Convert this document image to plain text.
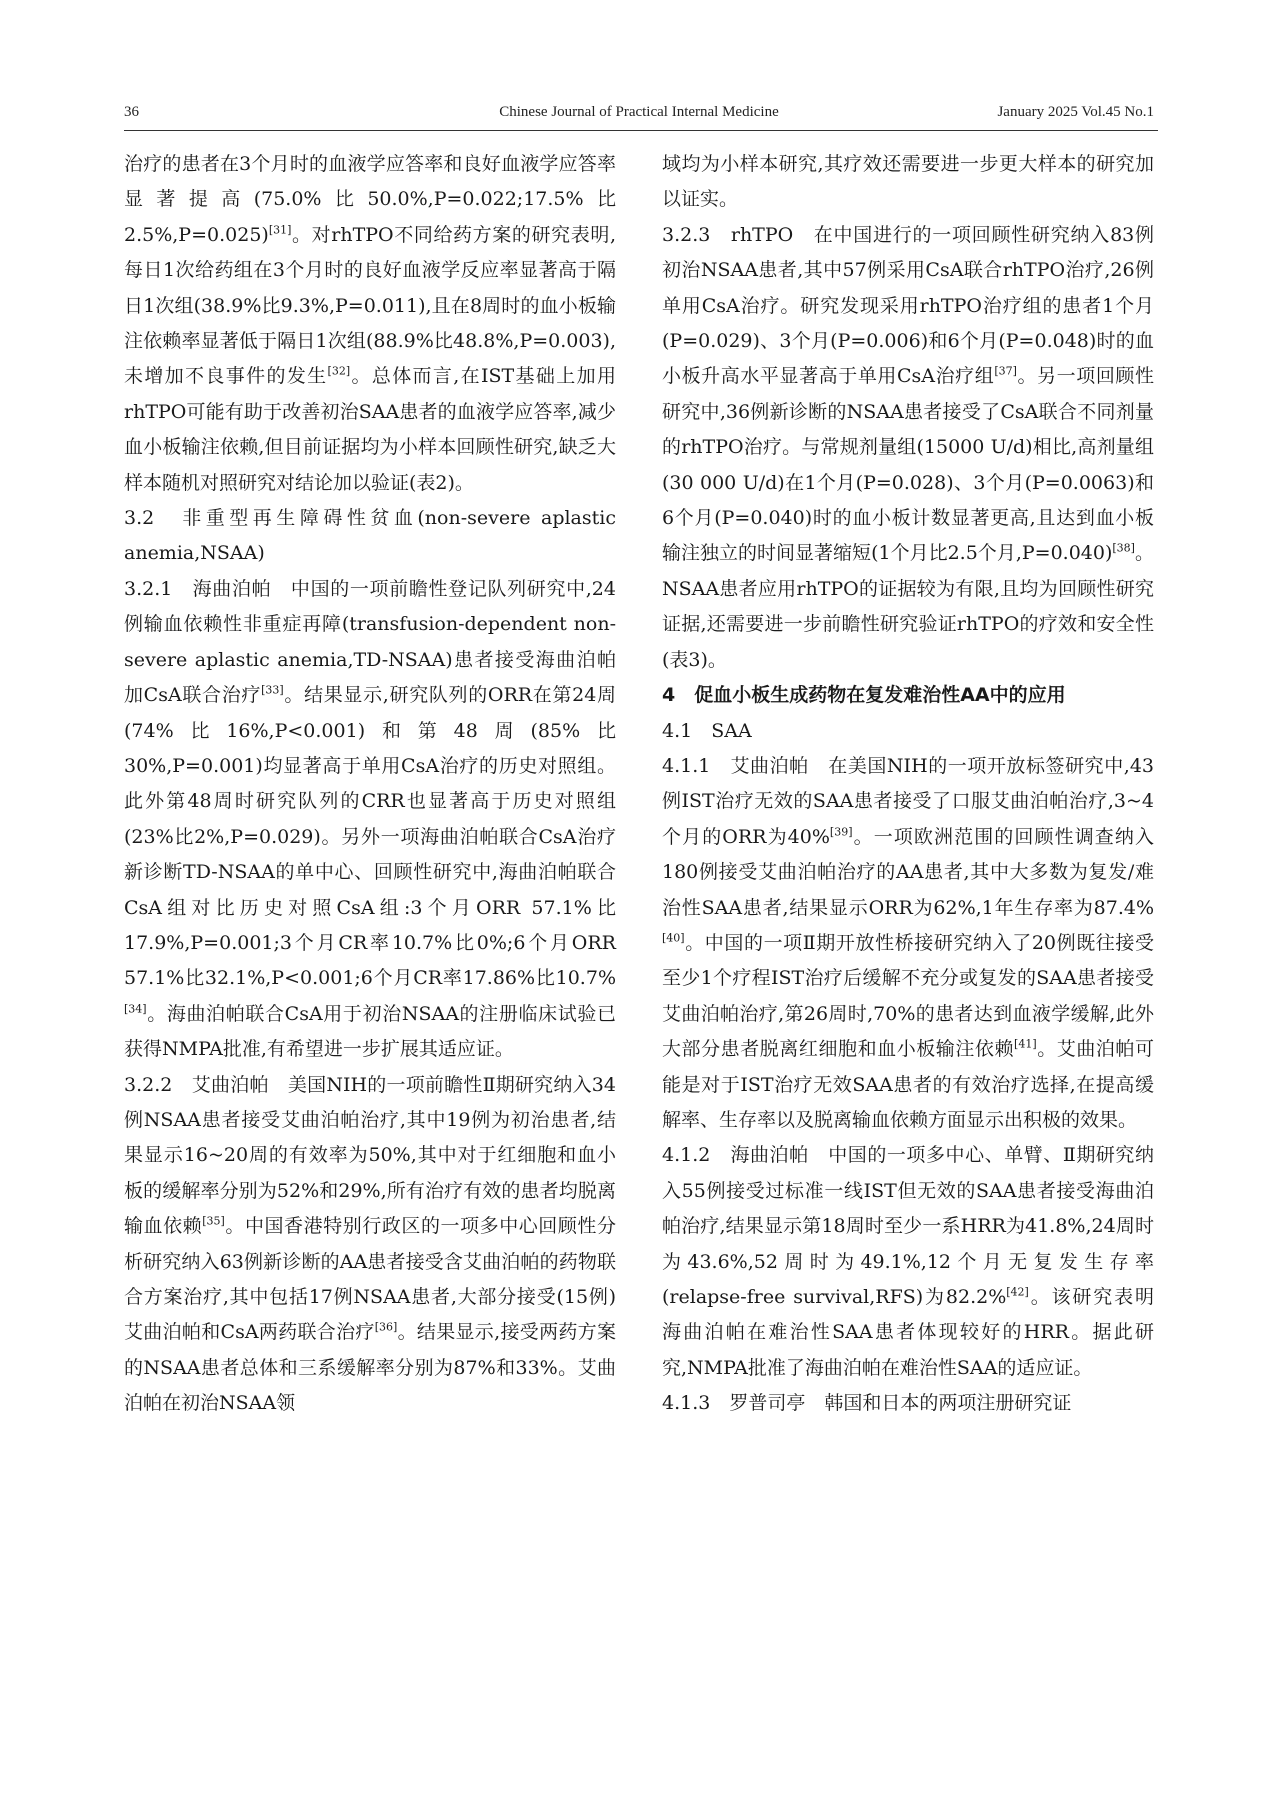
36	Chinese Journal of Practical Internal Medicine	January 2025 Vol.45 No.1

治疗的患者在3个月时的血液学应答率和良好血液学应答率显著提高(75.0%比50.0%,P=0.022;17.5%比2.5%,P=0.025)[31]。对rhTPO不同给药方案的研究表明,每日1次给药组在3个月时的良好血液学反应率显著高于隔日1次组(38.9%比9.3%,P=0.011),且在8周时的血小板输注依赖率显著低于隔日1次组(88.9%比48.8%,P=0.003),未增加不良事件的发生[32]。总体而言,在IST基础上加用rhTPO可能有助于改善初治SAA患者的血液学应答率,减少血小板输注依赖,但目前证据均为小样本回顾性研究,缺乏大样本随机对照研究对结论加以验证(表2)。

3.2　非重型再生障碍性贫血(non-severe aplastic anemia,NSAA)

3.2.1　海曲泊帕　中国的一项前瞻性登记队列研究中,24例输血依赖性非重症再障(transfusion-dependent non-severe aplastic anemia,TD-NSAA)患者接受海曲泊帕加CsA联合治疗[33]。结果显示,研究队列的ORR在第24周(74%比16%,P<0.001)和第48周(85%比30%,P=0.001)均显著高于单用CsA治疗的历史对照组。此外第48周时研究队列的CRR也显著高于历史对照组(23%比2%,P=0.029)。另外一项海曲泊帕联合CsA治疗新诊断TD-NSAA的单中心、回顾性研究中,海曲泊帕联合CsA组对比历史对照CsA组:3个月ORR 57.1%比17.9%,P=0.001;3个月CR率10.7%比0%;6个月ORR 57.1%比32.1%,P<0.001;6个月CR率17.86%比10.7%[34]。海曲泊帕联合CsA用于初治NSAA的注册临床试验已获得NMPA批准,有希望进一步扩展其适应证。

3.2.2　艾曲泊帕　美国NIH的一项前瞻性Ⅱ期研究纳入34例NSAA患者接受艾曲泊帕治疗,其中19例为初治患者,结果显示16~20周的有效率为50%,其中对于红细胞和血小板的缓解率分别为52%和29%,所有治疗有效的患者均脱离输血依赖[35]。中国香港特别行政区的一项多中心回顾性分析研究纳入63例新诊断的AA患者接受含艾曲泊帕的药物联合方案治疗,其中包括17例NSAA患者,大部分接受(15例)艾曲泊帕和CsA两药联合治疗[36]。结果显示,接受两药方案的NSAA患者总体和三系缓解率分别为87%和33%。艾曲泊帕在初治NSAA领

域均为小样本研究,其疗效还需要进一步更大样本的研究加以证实。

3.2.3　rhTPO　在中国进行的一项回顾性研究纳入83例初治NSAA患者,其中57例采用CsA联合rhTPO治疗,26例单用CsA治疗。研究发现采用rhTPO治疗组的患者1个月(P=0.029)、3个月(P=0.006)和6个月(P=0.048)时的血小板升高水平显著高于单用CsA治疗组[37]。另一项回顾性研究中,36例新诊断的NSAA患者接受了CsA联合不同剂量的rhTPO治疗。与常规剂量组(15000 U/d)相比,高剂量组(30 000 U/d)在1个月(P=0.028)、3个月(P=0.0063)和6个月(P=0.040)时的血小板计数显著更高,且达到血小板输注独立的时间显著缩短(1个月比2.5个月,P=0.040)[38]。NSAA患者应用rhTPO的证据较为有限,且均为回顾性研究证据,还需要进一步前瞻性研究验证rhTPO的疗效和安全性(表3)。

4　促血小板生成药物在复发难治性AA中的应用

4.1　SAA

4.1.1　艾曲泊帕　在美国NIH的一项开放标签研究中,43例IST治疗无效的SAA患者接受了口服艾曲泊帕治疗,3~4个月的ORR为40%[39]。一项欧洲范围的回顾性调查纳入180例接受艾曲泊帕治疗的AA患者,其中大多数为复发/难治性SAA患者,结果显示ORR为62%,1年生存率为87.4%[40]。中国的一项Ⅱ期开放性桥接研究纳入了20例既往接受至少1个疗程IST治疗后缓解不充分或复发的SAA患者接受艾曲泊帕治疗,第26周时,70%的患者达到血液学缓解,此外大部分患者脱离红细胞和血小板输注依赖[41]。艾曲泊帕可能是对于IST治疗无效SAA患者的有效治疗选择,在提高缓解率、生存率以及脱离输血依赖方面显示出积极的效果。

4.1.2　海曲泊帕　中国的一项多中心、单臂、Ⅱ期研究纳入55例接受过标准一线IST但无效的SAA患者接受海曲泊帕治疗,结果显示第18周时至少一系HRR为41.8%,24周时为43.6%,52周时为49.1%,12个月无复发生存率(relapse-free survival,RFS)为82.2%[42]。该研究表明海曲泊帕在难治性SAA患者体现较好的HRR。据此研究,NMPA批准了海曲泊帕在难治性SAA的适应证。

4.1.3　罗普司亭　韩国和日本的两项注册研究证
